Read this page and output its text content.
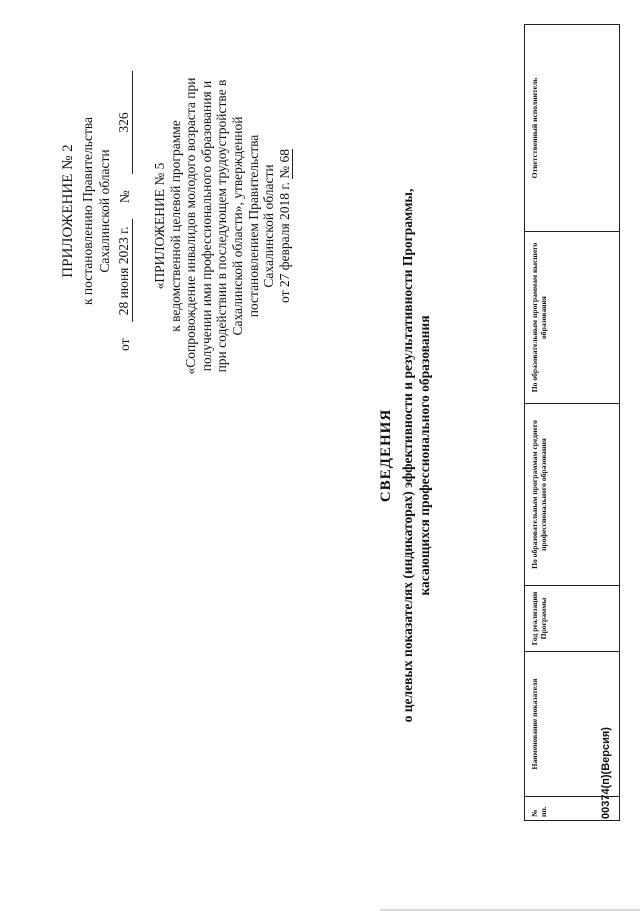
ПРИЛОЖЕНИЕ № 2 к постановлению Правительства Сахалинской области
от
28 июня 2023 г.
№
326
«ПРИЛОЖЕНИЕ № 5 к ведомственной целевой программе «Сопровождение инвалидов молодого возраста при получении ими профессионального образования и при содействии в последующем трудоустройстве в Сахалинской области», утвержденной постановлением Правительства Сахалинской области от 27 февраля 2018 г. № 68
СВЕДЕНИЯ о целевых показателях (индикаторах) эффективности и результативности Программы, касающихся профессионального образования
№ пп.	Наименование показателя	Год реализации Программы	По образовательным программам среднего профессионального образования	По образовательным программам высшего образования	Ответственный исполнитель
00374(п)(Версия)
